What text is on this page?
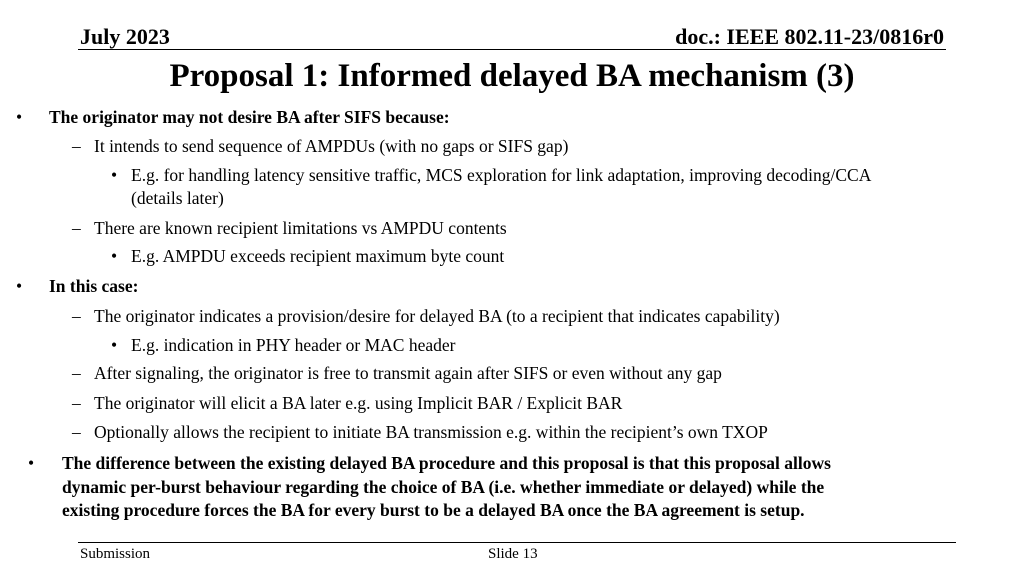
July 2023	doc.: IEEE 802.11-23/0816r0
Proposal 1: Informed delayed BA mechanism (3)
• The originator may not desire BA after SIFS because:
– It intends to send sequence of AMPDUs (with no gaps or SIFS gap)
• E.g. for handling latency sensitive traffic, MCS exploration for link adaptation, improving decoding/CCA
(details later)
– There are known recipient limitations vs AMPDU contents
• E.g. AMPDU exceeds recipient maximum byte count
• In this case:
– The originator indicates a provision/desire for delayed BA (to a recipient that indicates capability)
• E.g. indication in PHY header or MAC header
– After signaling, the originator is free to transmit again after SIFS or even without any gap
– The originator will elicit a BA later e.g. using Implicit BAR / Explicit BAR
– Optionally allows the recipient to initiate BA transmission e.g. within the recipient’s own TXOP
• The difference between the existing delayed BA procedure and this proposal is that this proposal allows
dynamic per-burst behaviour regarding the choice of BA (i.e. whether immediate or delayed) while the
existing procedure forces the BA for every burst to be a delayed BA once the BA agreement is setup.
Submission	Slide 13
